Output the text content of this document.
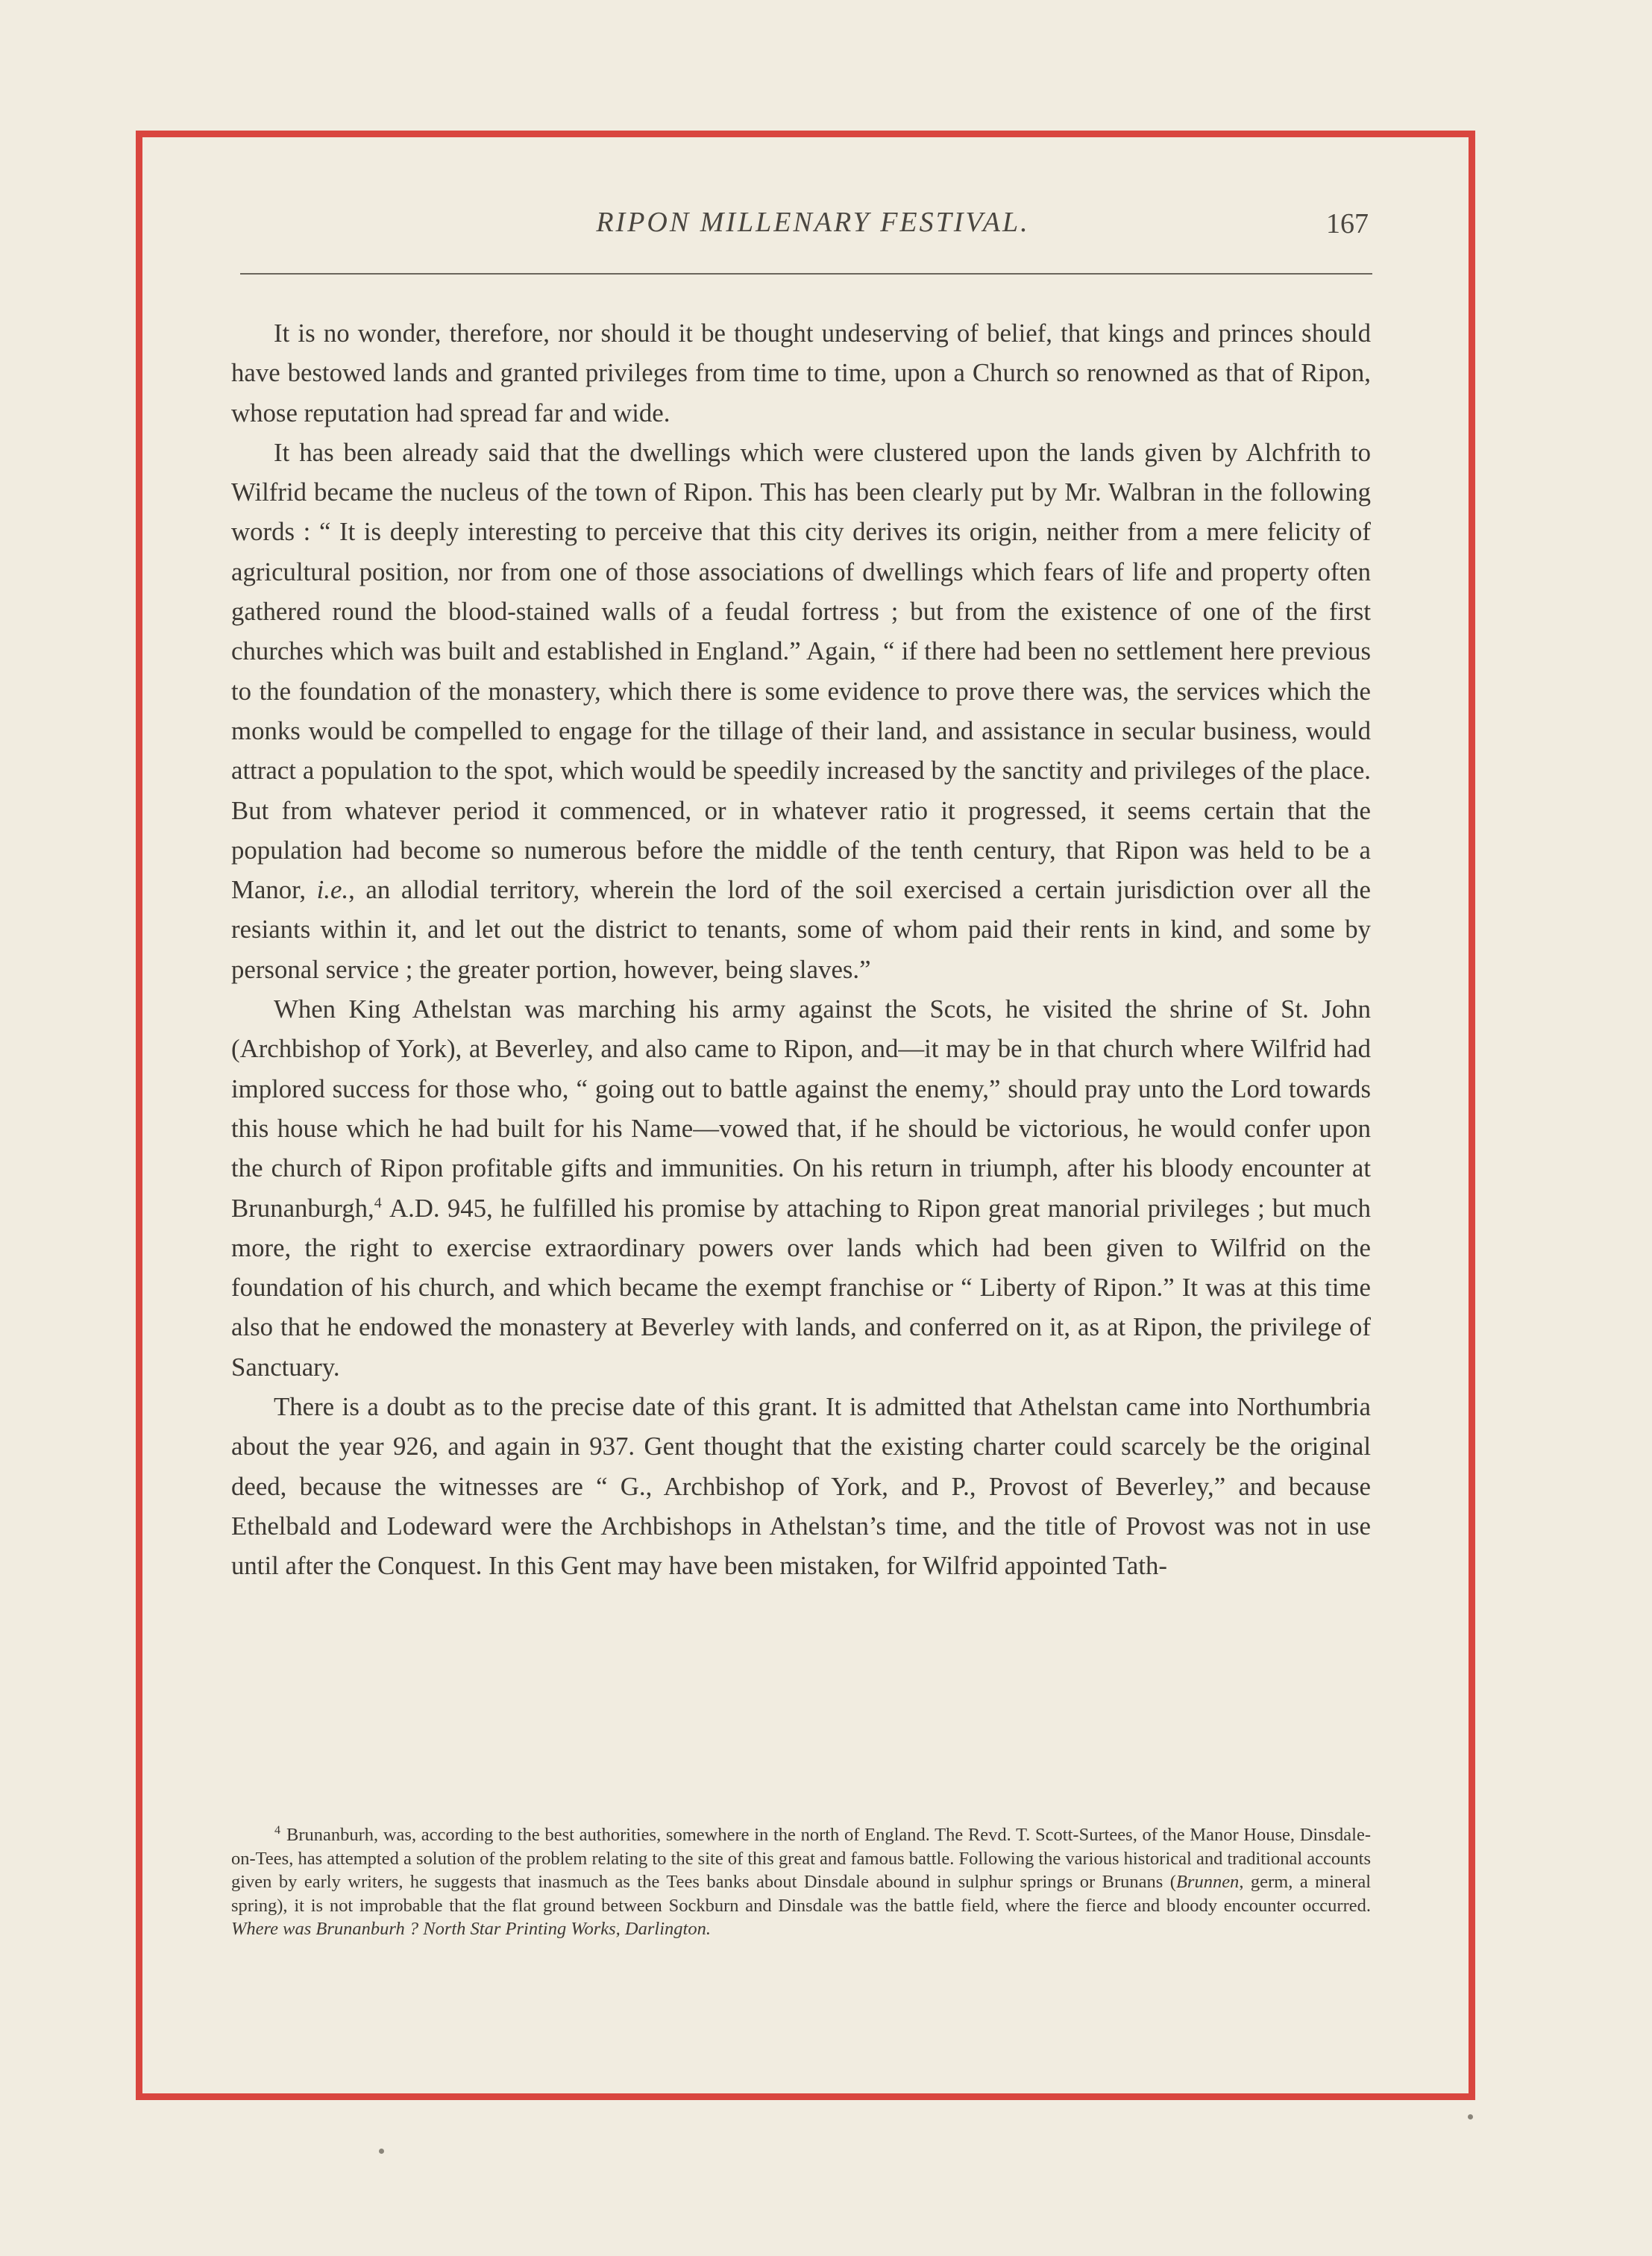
RIPON MILLENARY FESTIVAL.	167

It is no wonder, therefore, nor should it be thought undeserving of belief, that kings and princes should have bestowed lands and granted privileges from time to time, upon a Church so renowned as that of Ripon, whose reputation had spread far and wide.

It has been already said that the dwellings which were clustered upon the lands given by Alchfrith to Wilfrid became the nucleus of the town of Ripon. This has been clearly put by Mr. Walbran in the following words : “ It is deeply interesting to perceive that this city derives its origin, neither from a mere felicity of agricultural position, nor from one of those associations of dwellings which fears of life and property often gathered round the blood-stained walls of a feudal fortress ; but from the existence of one of the first churches which was built and established in England.” Again, “ if there had been no settlement here previous to the foundation of the monastery, which there is some evidence to prove there was, the services which the monks would be compelled to engage for the tillage of their land, and assistance in secular business, would attract a population to the spot, which would be speedily increased by the sanctity and privileges of the place. But from whatever period it commenced, or in whatever ratio it progressed, it seems certain that the population had become so numerous before the middle of the tenth century, that Ripon was held to be a Manor, i.e., an allodial territory, wherein the lord of the soil exercised a certain jurisdiction over all the resiants within it, and let out the district to tenants, some of whom paid their rents in kind, and some by personal service ; the greater portion, however, being slaves.”

When King Athelstan was marching his army against the Scots, he visited the shrine of St. John (Archbishop of York), at Beverley, and also came to Ripon, and—it may be in that church where Wilfrid had implored success for those who, “ going out to battle against the enemy,” should pray unto the Lord towards this house which he had built for his Name—vowed that, if he should be victorious, he would confer upon the church of Ripon profitable gifts and immunities. On his return in triumph, after his bloody encounter at Brunanburgh,$^4$ A.D. 945, he fulfilled his promise by attaching to Ripon great manorial privileges ; but much more, the right to exercise extraordinary powers over lands which had been given to Wilfrid on the foundation of his church, and which became the exempt franchise or “ Liberty of Ripon.” It was at this time also that he endowed the monastery at Beverley with lands, and conferred on it, as at Ripon, the privilege of Sanctuary.

There is a doubt as to the precise date of this grant. It is admitted that Athelstan came into Northumbria about the year 926, and again in 937. Gent thought that the existing charter could scarcely be the original deed, because the witnesses are “ G., Archbishop of York, and P., Provost of Beverley,” and because Ethelbald and Lodeward were the Archbishops in Athelstan’s time, and the title of Provost was not in use until after the Conquest. In this Gent may have been mistaken, for Wilfrid appointed Tath-

$^4$ Brunanburh, was, according to the best authorities, somewhere in the north of England. The Revd. T. Scott-Surtees, of the Manor House, Dinsdale-on-Tees, has attempted a solution of the problem relating to the site of this great and famous battle. Following the various historical and traditional accounts given by early writers, he suggests that inasmuch as the Tees banks about Dinsdale abound in sulphur springs or Brunans (Brunnen, germ, a mineral spring), it is not improbable that the flat ground between Sockburn and Dinsdale was the battle field, where the fierce and bloody encounter occurred. Where was Brunanburh ? North Star Printing Works, Darlington.
